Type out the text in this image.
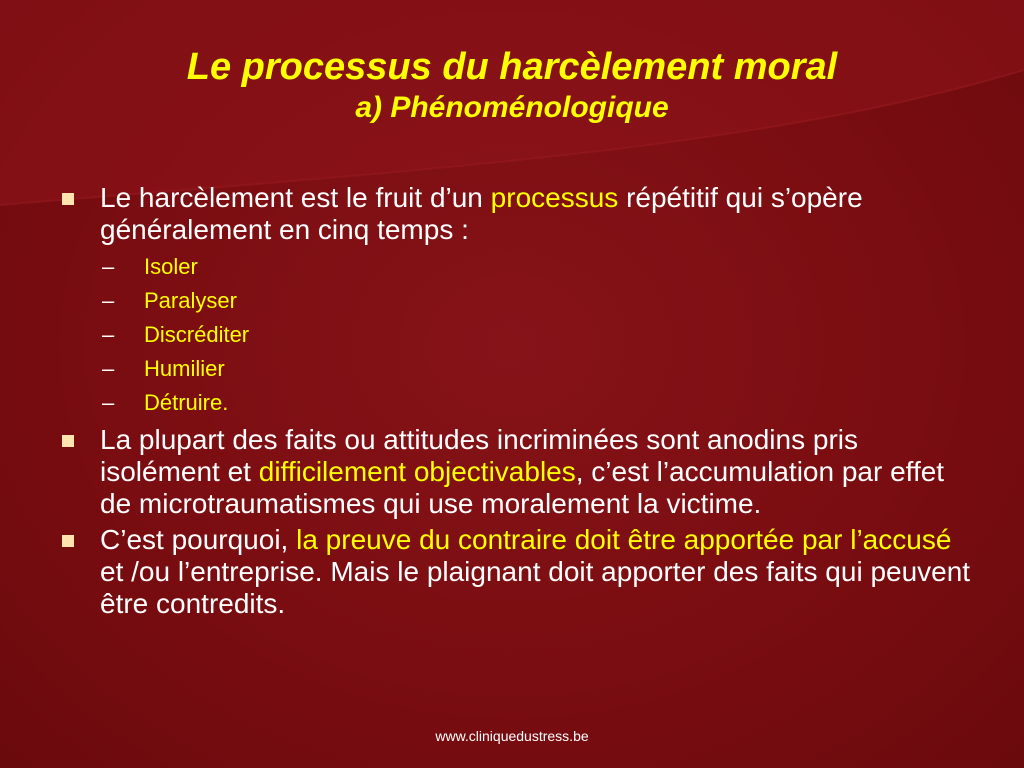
Le processus du harcèlement moral
a) Phénoménologique
Le harcèlement est le fruit d’un processus répétitif qui s’opère généralement en cinq temps :
– Isoler
– Paralyser
– Discréditer
– Humilier
– Détruire.
La plupart des faits ou attitudes incriminées sont anodins pris isolément et difficilement objectivables, c’est l’accumulation par effet de microtraumatismes qui use moralement la victime.
C’est pourquoi, la preuve du contraire doit être apportée par l’accusé et /ou l’entreprise. Mais le plaignant doit apporter des faits qui peuvent être contredits.
www.cliniquedustress.be
